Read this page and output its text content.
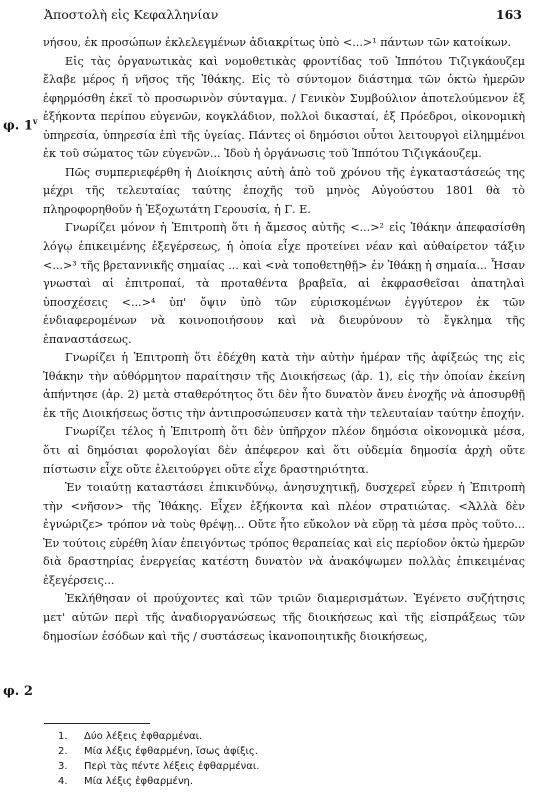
Ἀποστολὴ εἰς Κεφαλληνίαν	163
φ. 1$^v$
φ. 2

νήσου, ἐκ προσώπων ἐκλελεγμένων ἀδιακρίτως ὑπὸ <...>¹ πάντων τῶν κατοίκων.

Εἰς τὰς ὀργανωτικὰς καὶ νομοθετικὰς φροντίδας τοῦ Ἱππότου Τιζιγκάουζεμ ἔλαβε μέρος ἡ νῆσος τῆς Ἰθάκης. Εἰς τὸ σύντομον διάστημα τῶν ὀκτὼ ἡμερῶν ἐφηρμόσθη ἐκεῖ τὸ προσωρινὸν σύνταγμα. / Γενικὸν Συμβούλιον ἀποτελούμενον ἐξ ἑξήκοντα περίπου εὐγενῶν, κογκλάδιον, πολλοὶ δικασταί, ἐξ Πρόεδροι, οἰκονομικὴ ὑπηρεσία, ὑπηρεσία ἐπὶ τῆς ὑγείας. Πάντες οἱ δημόσιοι οὗτοι λειτουργοὶ εἰλημμένοι ἐκ τοῦ σώματος τῶν εὐγενῶν... Ἰδοὺ ἡ ὀργάνωσις τοῦ Ἱππότου Τιζιγκάουζεμ.

Πῶς συμπεριεφέρθη ἡ Διοίκησις αὐτὴ ἀπὸ τοῦ χρόνου τῆς ἐγκαταστάσεώς της μέχρι τῆς τελευταίας ταύτης ἐποχῆς τοῦ μηνὸς Αὐγούστου 1801 θὰ τὸ πληροφορηθοῦν ἡ Ἐξοχωτάτη Γερουσία, ἡ Γ. Ε.

Γνωρίζει μόνον ἡ Ἐπιτροπὴ ὅτι ἡ ἄμεσος αὐτῆς <...>² εἰς Ἰθάκην ἀπεφασίσθη λόγῳ ἐπικειμένης ἐξεγέρσεως, ἡ ὁποία εἶχε προτείνει νέαν καὶ αὐθαίρετον τάξιν <...>³ τῆς βρεταννικῆς σημαίας ... καὶ <νὰ τοποθετηθῇ> ἐν Ἰθάκῃ ἡ σημαία... Ἦσαν γνωσταὶ αἱ ἐπιτροπαί, τὰ προταθέντα βραβεῖα, αἱ ἐκφρασθεῖσαι ἀπατηλαὶ ὑποσχέσεις <...>⁴ ὑπ' ὄψιν ὑπὸ τῶν εὑρισκομένων ἐγγύτερον ἐκ τῶν ἐνδιαφερομένων νὰ κοινοποιήσουν καὶ νὰ διευρύνουν τὸ ἔγκλημα τῆς ἐπαναστάσεως.

Γνωρίζει ἡ Ἐπιτροπὴ ὅτι ἐδέχθη κατὰ τὴν αὐτὴν ἡμέραν τῆς ἀφίξεώς της εἰς Ἰθάκην τὴν αὐθόρμητον παραίτησιν τῆς Διοικήσεως (ἀρ. 1), εἰς τὴν ὁποίαν ἐκείνη ἀπήντησε (ἀρ. 2) μετὰ σταθερότητος ὅτι δὲν ἦτο δυνατὸν ἄνευ ἐνοχῆς νὰ ἀποσυρθῇ ἐκ τῆς Διοικήσεως ὅστις τὴν ἀντιπροσώπευσεν κατὰ τὴν τελευταίαν ταύτην ἐποχήν.

Γνωρίζει τέλος ἡ Ἐπιτροπὴ ὅτι δὲν ὑπῆρχον πλέον δημόσια οἰκονομικὰ μέσα, ὅτι αἱ δημόσιαι φορολογίαι δὲν ἀπέφερον καὶ ὅτι οὐδεμία δημοσία ἀρχὴ οὔτε πίστωσιν εἶχε οὔτε ἐλειτούργει οὔτε εἶχε δραστηριότητα.

Ἐν τοιαύτῃ καταστάσει ἐπικινδύνῳ, ἀνησυχητικῇ, δυσχερεῖ εὗρεν ἡ Ἐπιτροπὴ τὴν <νῆσον> τῆς Ἰθάκης. Εἶχεν ἑξήκοντα καὶ πλέον στρατιώτας. <Ἀλλὰ δὲν ἐγνώριζε> τρόπον νὰ τοὺς θρέψῃ... Οὔτε ἦτο εὔκολον νὰ εὕρῃ τὰ μέσα πρὸς τοῦτο... Ἐν τούτοις εὑρέθη λίαν ἐπειγόντως τρόπος θεραπείας καὶ εἰς περίοδον ὀκτὼ ἡμερῶν διὰ δραστηρίας ἐνεργείας κατέστη δυνατὸν νὰ ἀνακόψωμεν πολλὰς ἐπικειμένας ἐξεγέρσεις...

Ἐκλήθησαν οἱ προύχοντες καὶ τῶν τριῶν διαμερισμάτων. Ἐγένετο συζήτησις μετ' αὐτῶν περὶ τῆς ἀναδιοργανώσεως τῆς διοικήσεως καὶ τῆς εἰσπράξεως τῶν δημοσίων ἐσόδων καὶ τῆς / συστάσεως ἱκανοποιητικῆς διοικήσεως,

1. Δύο λέξεις ἐφθαρμέναι.
2. Μία λέξις ἐφθαρμένη, ἴσως ἀφίξις.
3. Περὶ τὰς πέντε λέξεις ἐφθαρμέναι.
4. Μία λέξις ἐφθαρμένη.
